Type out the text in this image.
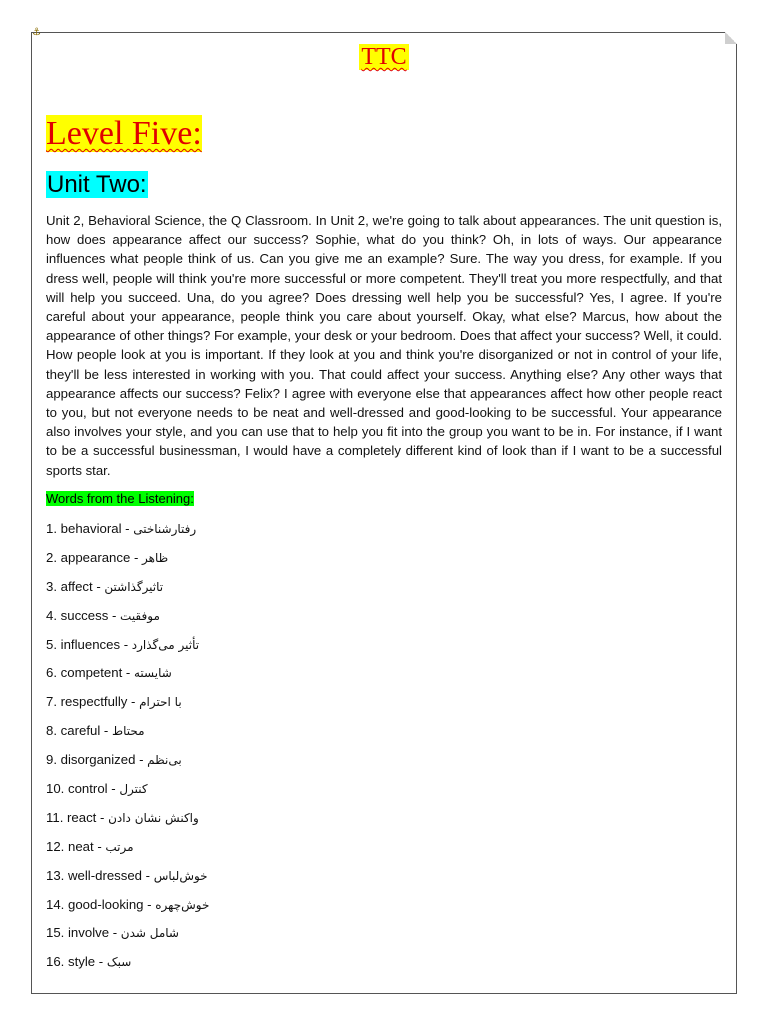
⚓
TTC
Level Five:
Unit Two:

Unit 2, Behavioral Science, the Q Classroom. In Unit 2, we're going to talk about appearances. The unit question is, how does appearance affect our success? Sophie, what do you think? Oh, in lots of ways. Our appearance influences what people think of us. Can you give me an example? Sure. The way you dress, for example. If you dress well, people will think you're more successful or more competent. They'll treat you more respectfully, and that will help you succeed. Una, do you agree? Does dressing well help you be successful? Yes, I agree. If you're careful about your appearance, people think you care about yourself. Okay, what else? Marcus, how about the appearance of other things? For example, your desk or your bedroom. Does that affect your success? Well, it could. How people look at you is important. If they look at you and think you're disorganized or not in control of your life, they'll be less interested in working with you. That could affect your success. Anything else? Any other ways that appearance affects our success? Felix? I agree with everyone else that appearances affect how other people react to you, but not everyone needs to be neat and well-dressed and good-looking to be successful. Your appearance also involves your style, and you can use that to help you fit into the group you want to be in. For instance, if I want to be a successful businessman, I would have a completely different kind of look than if I want to be a successful sports star.

Words from the Listening:
1. behavioral - رفتارشناختی
2. appearance - ظاهر
3. affect - تاثیرگذاشتن
4. success - موفقیت
5. influences - تأثیر می‌گذارد
6. competent - شایسته
7. respectfully - با احترام
8. careful - محتاط
9. disorganized - بی‌نظم
10. control - کنترل
11. react - واکنش نشان دادن
12. neat - مرتب
13. well-dressed - خوش‌لباس
14. good-looking - خوش‌چهره
15. involve - شامل شدن
16. style - سبک
